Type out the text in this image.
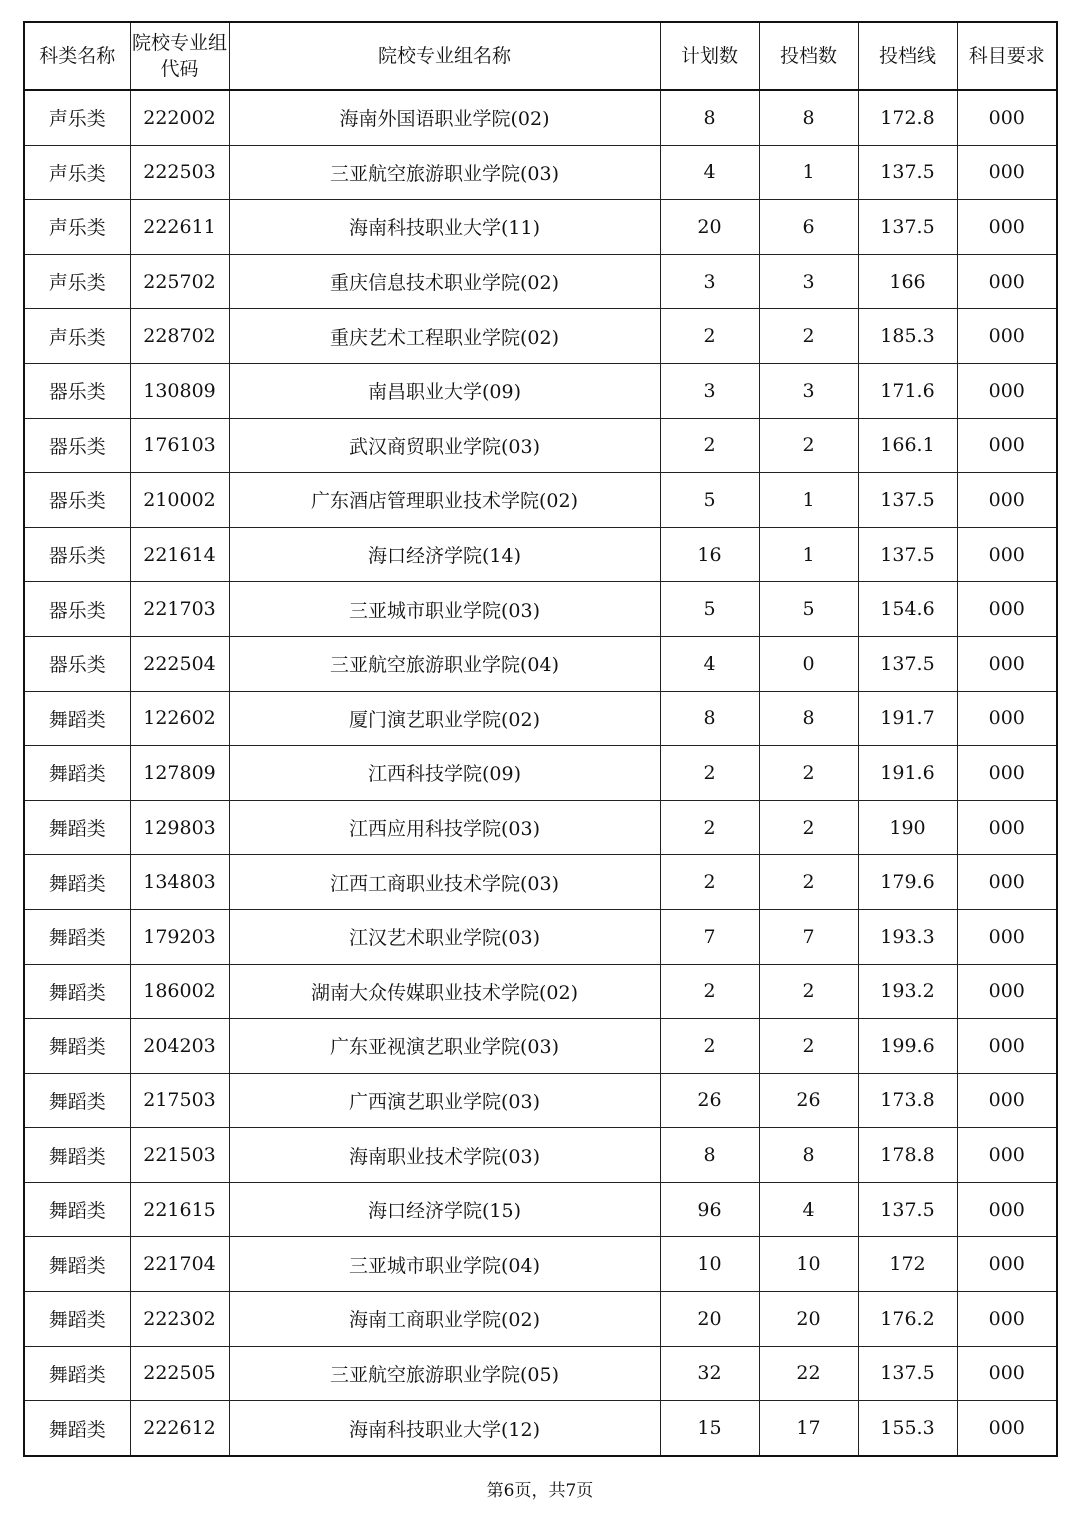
科类名称	院校专业组代码	院校专业组名称	计划数	投档数	投档线	科目要求
声乐类	222002	海南外国语职业学院(02)	8	8	172.8	000
声乐类	222503	三亚航空旅游职业学院(03)	4	1	137.5	000
声乐类	222611	海南科技职业大学(11)	20	6	137.5	000
声乐类	225702	重庆信息技术职业学院(02)	3	3	166	000
声乐类	228702	重庆艺术工程职业学院(02)	2	2	185.3	000
器乐类	130809	南昌职业大学(09)	3	3	171.6	000
器乐类	176103	武汉商贸职业学院(03)	2	2	166.1	000
器乐类	210002	广东酒店管理职业技术学院(02)	5	1	137.5	000
器乐类	221614	海口经济学院(14)	16	1	137.5	000
器乐类	221703	三亚城市职业学院(03)	5	5	154.6	000
器乐类	222504	三亚航空旅游职业学院(04)	4	0	137.5	000
舞蹈类	122602	厦门演艺职业学院(02)	8	8	191.7	000
舞蹈类	127809	江西科技学院(09)	2	2	191.6	000
舞蹈类	129803	江西应用科技学院(03)	2	2	190	000
舞蹈类	134803	江西工商职业技术学院(03)	2	2	179.6	000
舞蹈类	179203	江汉艺术职业学院(03)	7	7	193.3	000
舞蹈类	186002	湖南大众传媒职业技术学院(02)	2	2	193.2	000
舞蹈类	204203	广东亚视演艺职业学院(03)	2	2	199.6	000
舞蹈类	217503	广西演艺职业学院(03)	26	26	173.8	000
舞蹈类	221503	海南职业技术学院(03)	8	8	178.8	000
舞蹈类	221615	海口经济学院(15)	96	4	137.5	000
舞蹈类	221704	三亚城市职业学院(04)	10	10	172	000
舞蹈类	222302	海南工商职业学院(02)	20	20	176.2	000
舞蹈类	222505	三亚航空旅游职业学院(05)	32	22	137.5	000
舞蹈类	222612	海南科技职业大学(12)	15	17	155.3	000
第6页，共7页
